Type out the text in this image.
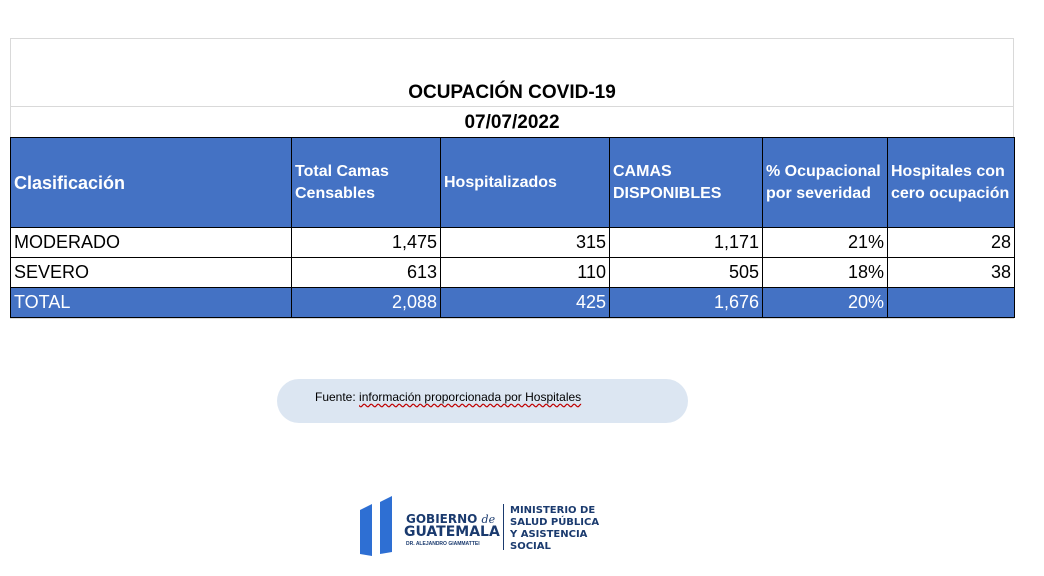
OCUPACIÓN COVID-19
07/07/2022
Clasificación	Total Camas Censables	Hospitalizados	CAMAS DISPONIBLES	% Ocupacional por severidad	Hospitales con cero ocupación
MODERADO	1,475	315	1,171	21%	28
SEVERO	613	110	505	18%	38
TOTAL	2,088	425	1,676	20%	
Fuente: información proporcionada por Hospitales
GOBIERNO de
GUATEMALA
DR. ALEJANDRO GIAMMATTEI
MINISTERIO DE
SALUD PÚBLICA
Y ASISTENCIA
SOCIAL
